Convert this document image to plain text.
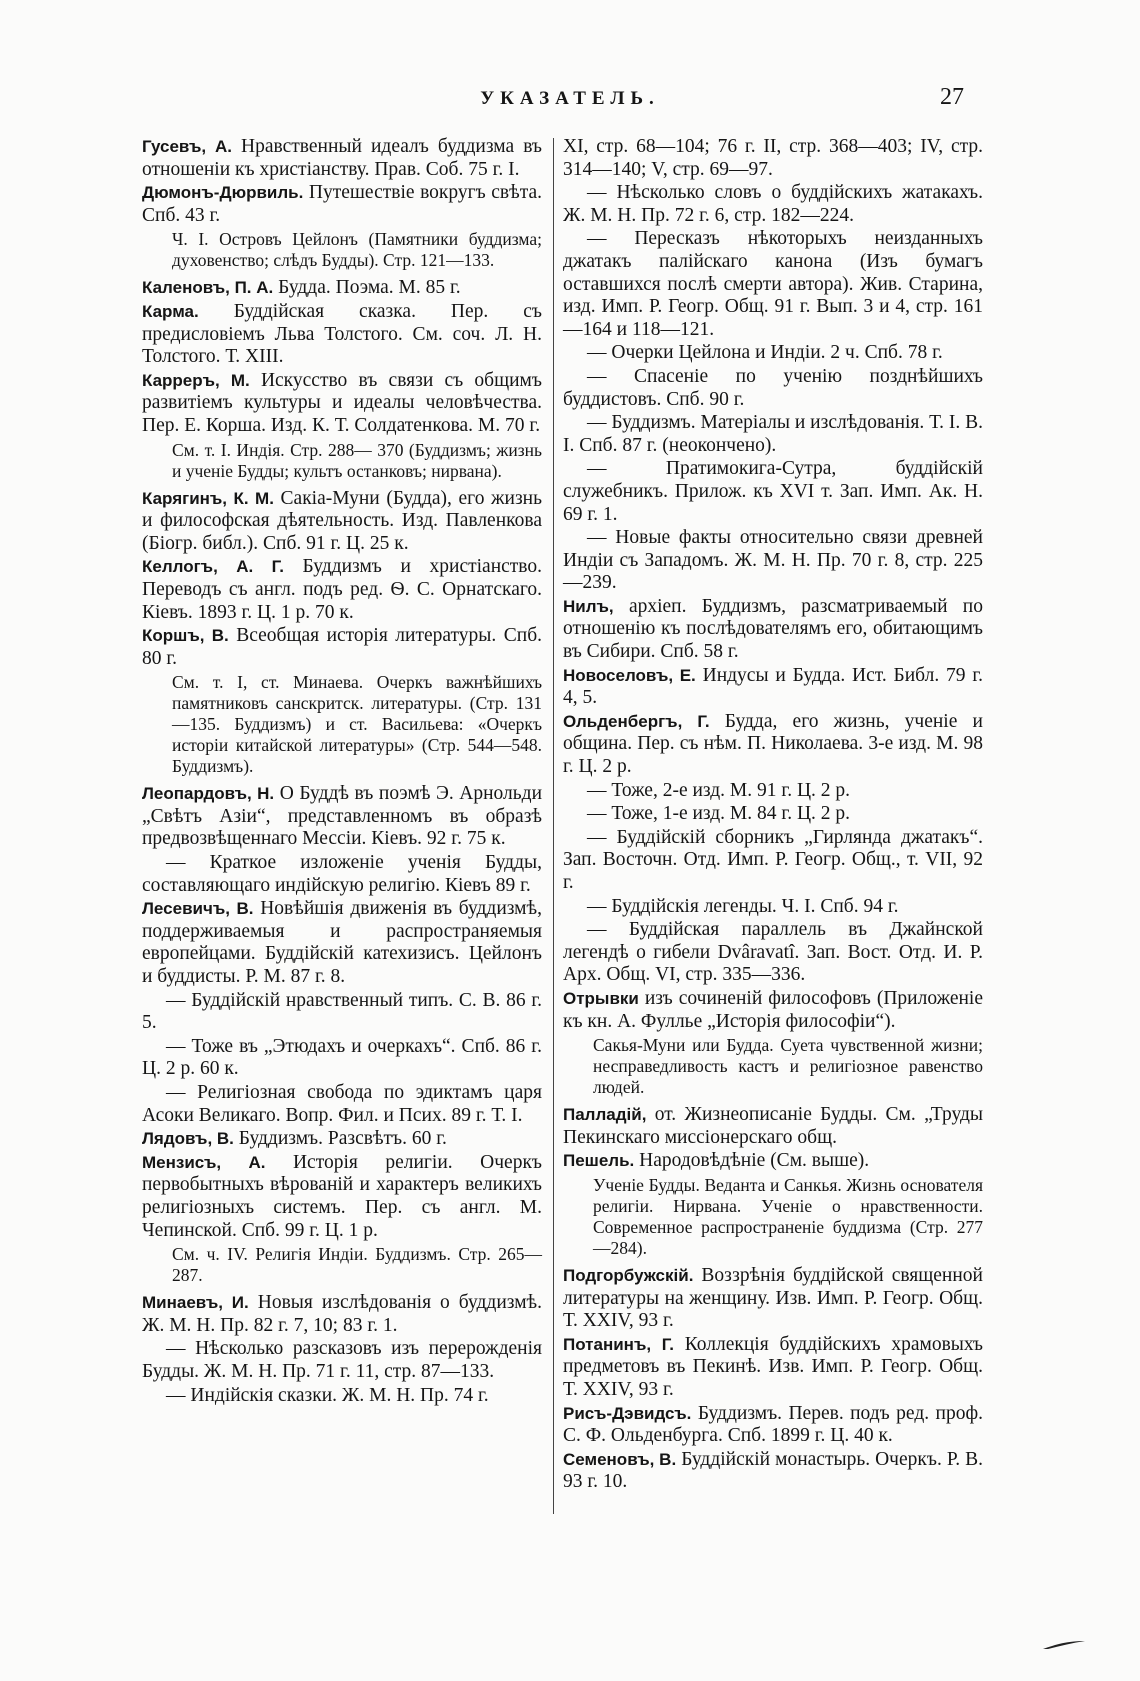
УКАЗАТЕЛЬ.	27
Гусевъ, А. Нравственный идеалъ буддизма въ отношеніи къ христіанству. Прав. Соб. 75 г. I.
Дюмонъ-Дюрвиль. Путешествіе вокругъ свѣта. Спб. 43 г.
Ч. I. Островъ Цейлонъ (Памятники буддизма; духовенство; слѣдъ Будды). Стр. 121—133.
Каленовъ, П. А. Будда. Поэма. М. 85 г.
Карма. Буддійская сказка. Пер. съ предисловіемъ Льва Толстого. См. соч. Л. Н. Толстого. Т. XIII.
Карреръ, М. Искусство въ связи съ общимъ развитіемъ культуры и идеалы человѣчества. Пер. Е. Корша. Изд. К. Т. Солдатенкова. М. 70 г.
См. т. I. Индія. Стр. 288— 370 (Буддизмъ; жизнь и ученіе Будды; культъ останковъ; нирвана).
Карягинъ, К. М. Сакіа-Муни (Будда), его жизнь и философская дѣятельность. Изд. Павленкова (Біогр. библ.). Спб. 91 г. Ц. 25 к.
Келлогъ, А. Г. Буддизмъ и христіанство. Переводъ съ англ. подъ ред. Ѳ. С. Орнатскаго. Кіевъ. 1893 г. Ц. 1 р. 70 к.
Коршъ, В. Всеобщая исторія литературы. Спб. 80 г.
См. т. I, ст. Минаева. Очеркъ важнѣйшихъ памятниковъ санскритск. литературы. (Стр. 131—135. Буддизмъ) и ст. Васильева: «Очеркъ исторіи китайской литературы» (Стр. 544—548. Буддизмъ).
Леопардовъ, Н. О Буддѣ въ поэмѣ Э. Арнольди „Свѣтъ Азіи“, представленномъ въ образѣ предвозвѣщеннаго Мессіи. Кіевъ. 92 г. 75 к.
— Краткое изложеніе ученія Будды, составляющаго индійскую религію. Кіевъ 89 г.
Лесевичъ, В. Новѣйшія движенія въ буддизмѣ, поддерживаемыя и распространяемыя европейцами. Буддійскій катехизисъ. Цейлонъ и буддисты. Р. М. 87 г. 8.
— Буддійскій нравственный типъ. С. В. 86 г. 5.
— Тоже въ „Этюдахъ и очеркахъ“. Спб. 86 г. Ц. 2 р. 60 к.
— Религіозная свобода по эдиктамъ царя Асоки Великаго. Вопр. Фил. и Псих. 89 г. Т. I.
Лядовъ, В. Буддизмъ. Разсвѣтъ. 60 г.
Мензисъ, А. Исторія религіи. Очеркъ первобытныхъ вѣрованій и характеръ великихъ религіозныхъ системъ. Пер. съ англ. М. Чепинской. Спб. 99 г. Ц. 1 р.
См. ч. IV. Религія Индіи. Буддизмъ. Стр. 265—287.
Минаевъ, И. Новыя изслѣдованія о буддизмѣ. Ж. М. Н. Пр. 82 г. 7, 10; 83 г. 1.
— Нѣсколько разсказовъ изъ перерожденія Будды. Ж. М. Н. Пр. 71 г. 11, стр. 87—133.
— Индійскія сказки. Ж. М. Н. Пр. 74 г.
XI, стр. 68—104; 76 г. II, стр. 368—403; IV, стр. 314—140; V, стр. 69—97.
— Нѣсколько словъ о буддійскихъ жатакахъ. Ж. М. Н. Пр. 72 г. 6, стр. 182—224.
— Пересказъ нѣкоторыхъ неизданныхъ джатакъ палійскаго канона (Изъ бумагъ оставшихся послѣ смерти автора). Жив. Старина, изд. Имп. Р. Геогр. Общ. 91 г. Вып. 3 и 4, стр. 161—164 и 118—121.
— Очерки Цейлона и Индіи. 2 ч. Спб. 78 г.
— Спасеніе по ученію позднѣйшихъ буддистовъ. Спб. 90 г.
— Буддизмъ. Матеріалы и изслѣдованія. Т. I. В. I. Спб. 87 г. (неоконченo).
— Пратимокига-Сутра, буддійскій служебникъ. Прилож. къ XVI т. Зап. Имп. Ак. Н. 69 г. 1.
— Новые факты относительно связи древней Индіи съ Западомъ. Ж. М. Н. Пр. 70 г. 8, стр. 225—239.
Нилъ, архіеп. Буддизмъ, разсматриваемый по отношенію къ послѣдователямъ его, обитающимъ въ Сибири. Спб. 58 г.
Новоселовъ, Е. Индусы и Будда. Ист. Библ. 79 г. 4, 5.
Ольденбергъ, Г. Будда, его жизнь, ученіе и община. Пер. съ нѣм. П. Николаева. 3-е изд. М. 98 г. Ц. 2 р.
— Тоже, 2-е изд. М. 91 г. Ц. 2 р.
— Тоже, 1-е изд. М. 84 г. Ц. 2 р.
— Буддійскій сборникъ „Гирлянда джатакъ“. Зап. Восточн. Отд. Имп. Р. Геогр. Общ., т. VII, 92 г.
— Буддійскія легенды. Ч. I. Спб. 94 г.
— Буддійская параллель въ Джайнской легендѣ о гибели Dvâravatî. Зап. Вост. Отд. И. Р. Арх. Общ. VI, стр. 335—336.
Отрывки изъ сочиненій философовъ (Приложеніе къ кн. А. Фуллье „Исторія философіи“).
Сакья-Муни или Будда. Суета чувственной жизни; несправедливость кастъ и религіозное равенство людей.
Палладій, от. Жизнеописаніе Будды. См. „Труды Пекинскаго миссіонерскаго общ.
Пешель. Народовѣдѣніе (См. выше).
Ученіе Будды. Веданта и Санкья. Жизнь основателя религіи. Нирвана. Ученіе о нравственности. Современное распространеніе буддизма (Стр. 277—284).
Подгорбужскій. Воззрѣнія буддійской священной литературы на женщину. Изв. Имп. Р. Геогр. Общ. Т. XXIV, 93 г.
Потанинъ, Г. Коллекція буддійскихъ храмовыхъ предметовъ въ Пекинѣ. Изв. Имп. Р. Геогр. Общ. Т. XXIV, 93 г.
Рисъ-Дэвидсъ. Буддизмъ. Перев. подъ ред. проф. С. Ф. Ольденбурга. Спб. 1899 г. Ц. 40 к.
Семеновъ, В. Буддійскій монастырь. Очеркъ. Р. В. 93 г. 10.
